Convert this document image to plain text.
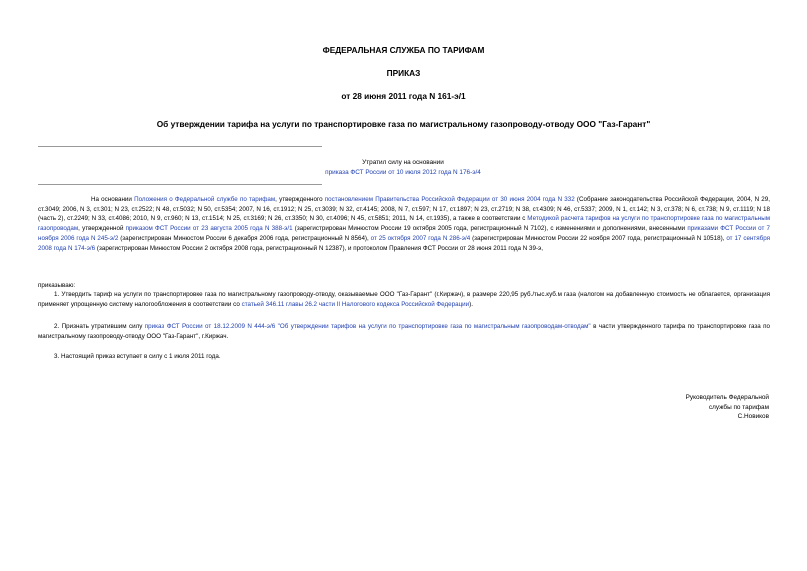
ФЕДЕРАЛЬНАЯ СЛУЖБА ПО ТАРИФАМ
ПРИКАЗ
от 28 июня 2011 года N 161-э/1
Об утверждении тарифа на услуги по транспортировке газа по магистральному газопроводу-отводу ООО "Газ-Гарант"
Утратил силу на основании
приказа ФСТ России от 10 июля 2012 года N 176-э/4
На основании Положения о Федеральной службе по тарифам, утвержденного постановлением Правительства Российской Федерации от 30 июня 2004 года N 332 (Собрание законодательства Российской Федерации, 2004, N 29, ст.3049; 2006, N 3, ст.301; N 23, ст.2522; N 48, ст.5032; N 50, ст.5354; 2007, N 16, ст.1912; N 25, ст.3039; N 32, ст.4145; 2008, N 7, ст.597; N 17, ст.1897; N 23, ст.2719; N 38, ст.4309; N 46, ст.5337; 2009, N 1, ст.142; N 3, ст.378; N 6, ст.738; N 9, ст.1119; N 18 (часть 2), ст.2249; N 33, ст.4086; 2010, N 9, ст.960; N 13, ст.1514; N 25, ст.3169; N 26, ст.3350; N 30, ст.4096; N 45, ст.5851; 2011, N 14, ст.1935), а также в соответствии с Методикой расчета тарифов на услуги по транспортировке газа по магистральным газопроводам, утвержденной приказом ФСТ России от 23 августа 2005 года N 388-э/1 (зарегистрирован Минюстом России 19 октября 2005 года, регистрационный N 7102), с изменениями и дополнениями, внесенными приказами ФСТ России от 7 ноября 2006 года N 245-э/2 (зарегистрирован Минюстом России 6 декабря 2006 года, регистрационный N 8564), от 25 октября 2007 года N 286-э/4 (зарегистрирован Минюстом России 22 ноября 2007 года, регистрационный N 10518), от 17 сентября 2008 года N 174-э/6 (зарегистрирован Минюстом России 2 октября 2008 года, регистрационный N 12387), и протоколом Правления ФСТ России от 28 июня 2011 года N 39-э,
приказываю:
1. Утвердить тариф на услуги по транспортировке газа по магистральному газопроводу-отводу, оказываемые ООО "Газ-Гарант" (г.Киржач), в размере 220,95 руб./тыс.куб.м газа (налогом на добавленную стоимость не облагается, организация применяет упрощенную систему налогообложения в соответствии со статьей 346.11 главы 26.2 части II Налогового кодекса Российской Федерации).
2. Признать утратившим силу приказ ФСТ России от 18.12.2009 N 444-э/6 "Об утверждении тарифов на услуги по транспортировке газа по магистральным газопроводам-отводам" в части утвержденного тарифа по транспортировке газа по магистральному газопроводу-отводу ООО "Газ-Гарант", г.Киржач.
3. Настоящий приказ вступает в силу с 1 июля 2011 года.
Руководитель Федеральной
службы по тарифам
С.Новиков
